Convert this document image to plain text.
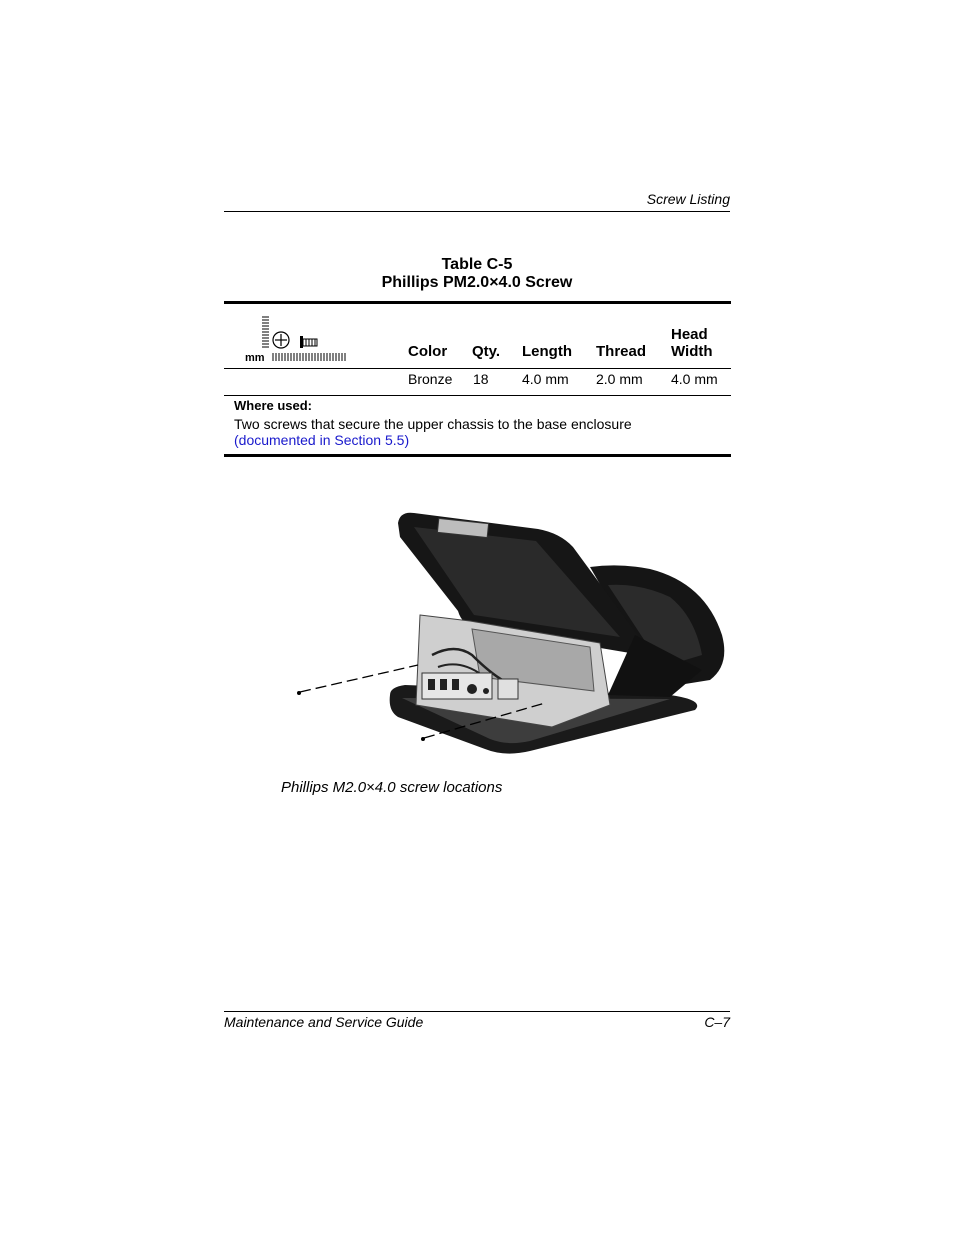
Screw Listing
Table C-5
Phillips PM2.0×4.0 Screw
mm	Color Qty. Length Thread
Head
Width
Bronze 18 4.0 mm 2.0 mm 4.0 mm
Where used:
Two screws that secure the upper chassis to the base enclosure
(documented in Section 5.5)
Phillips M2.0×4.0 screw locations
Maintenance and Service Guide	C–7
